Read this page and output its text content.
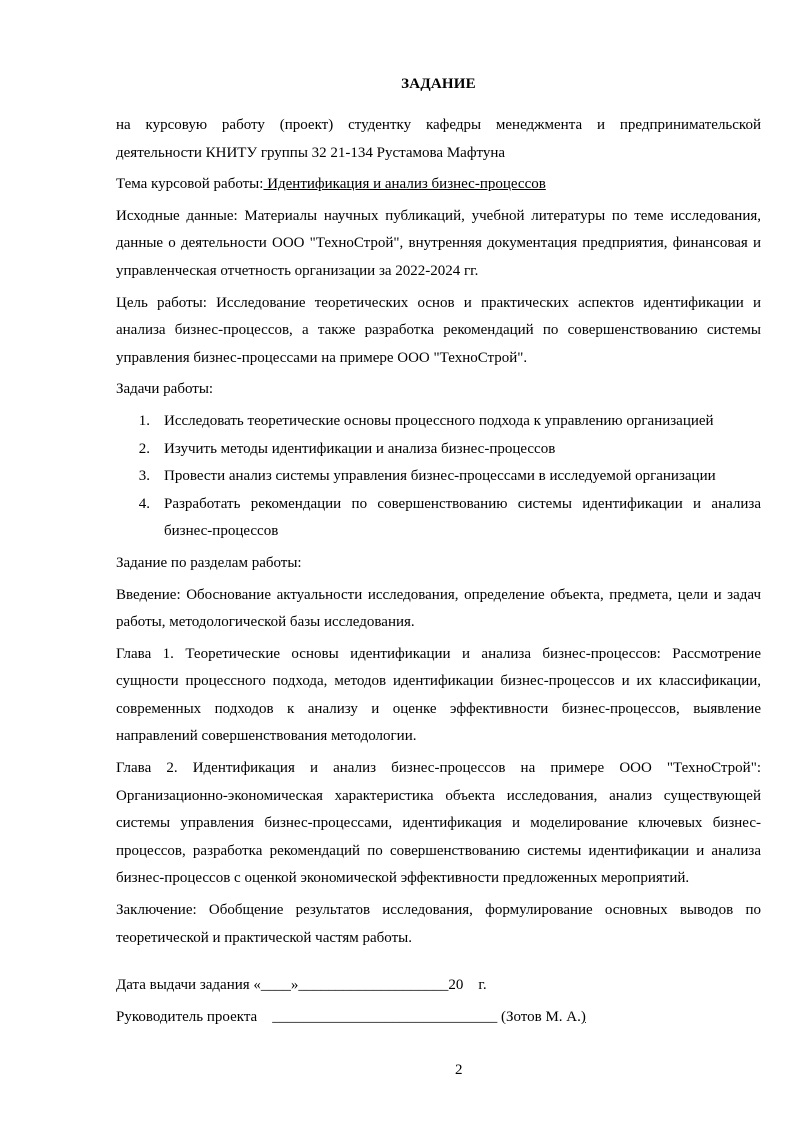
ЗАДАНИЕ

на курсовую работу (проект) студентку кафедры менеджмента и предпринимательской деятельности КНИТУ группы 32 21-134 Рустамова Мафтуна

Тема курсовой работы: Идентификация и анализ бизнес-процессов

Исходные данные: Материалы научных публикаций, учебной литературы по теме исследования, данные о деятельности ООО "ТехноСтрой", внутренняя документация предприятия, финансовая и управленческая отчетность организации за 2022-2024 гг.

Цель работы: Исследование теоретических основ и практических аспектов идентификации и анализа бизнес-процессов, а также разработка рекомендаций по совершенствованию системы управления бизнес-процессами на примере ООО "ТехноСтрой".

Задачи работы:

1. Исследовать теоретические основы процессного подхода к управлению организацией
2. Изучить методы идентификации и анализа бизнес-процессов
3. Провести анализ системы управления бизнес-процессами в исследуемой организации
4. Разработать рекомендации по совершенствованию системы идентификации и анализа бизнес-процессов

Задание по разделам работы:

Введение: Обоснование актуальности исследования, определение объекта, предмета, цели и задач работы, методологической базы исследования.

Глава 1. Теоретические основы идентификации и анализа бизнес-процессов: Рассмотрение сущности процессного подхода, методов идентификации бизнес-процессов и их классификации, современных подходов к анализу и оценке эффективности бизнес-процессов, выявление направлений совершенствования методологии.

Глава 2. Идентификация и анализ бизнес-процессов на примере ООО "ТехноСтрой": Организационно-экономическая характеристика объекта исследования, анализ существующей системы управления бизнес-процессами, идентификация и моделирование ключевых бизнес-процессов, разработка рекомендаций по совершенствованию системы идентификации и анализа бизнес-процессов с оценкой экономической эффективности предложенных мероприятий.

Заключение: Обобщение результатов исследования, формулирование основных выводов по теоретической и практической частям работы.

Дата выдачи задания «____»____________________20    г.
Руководитель проекта ______________________________ (Зотов М. А.)
2
